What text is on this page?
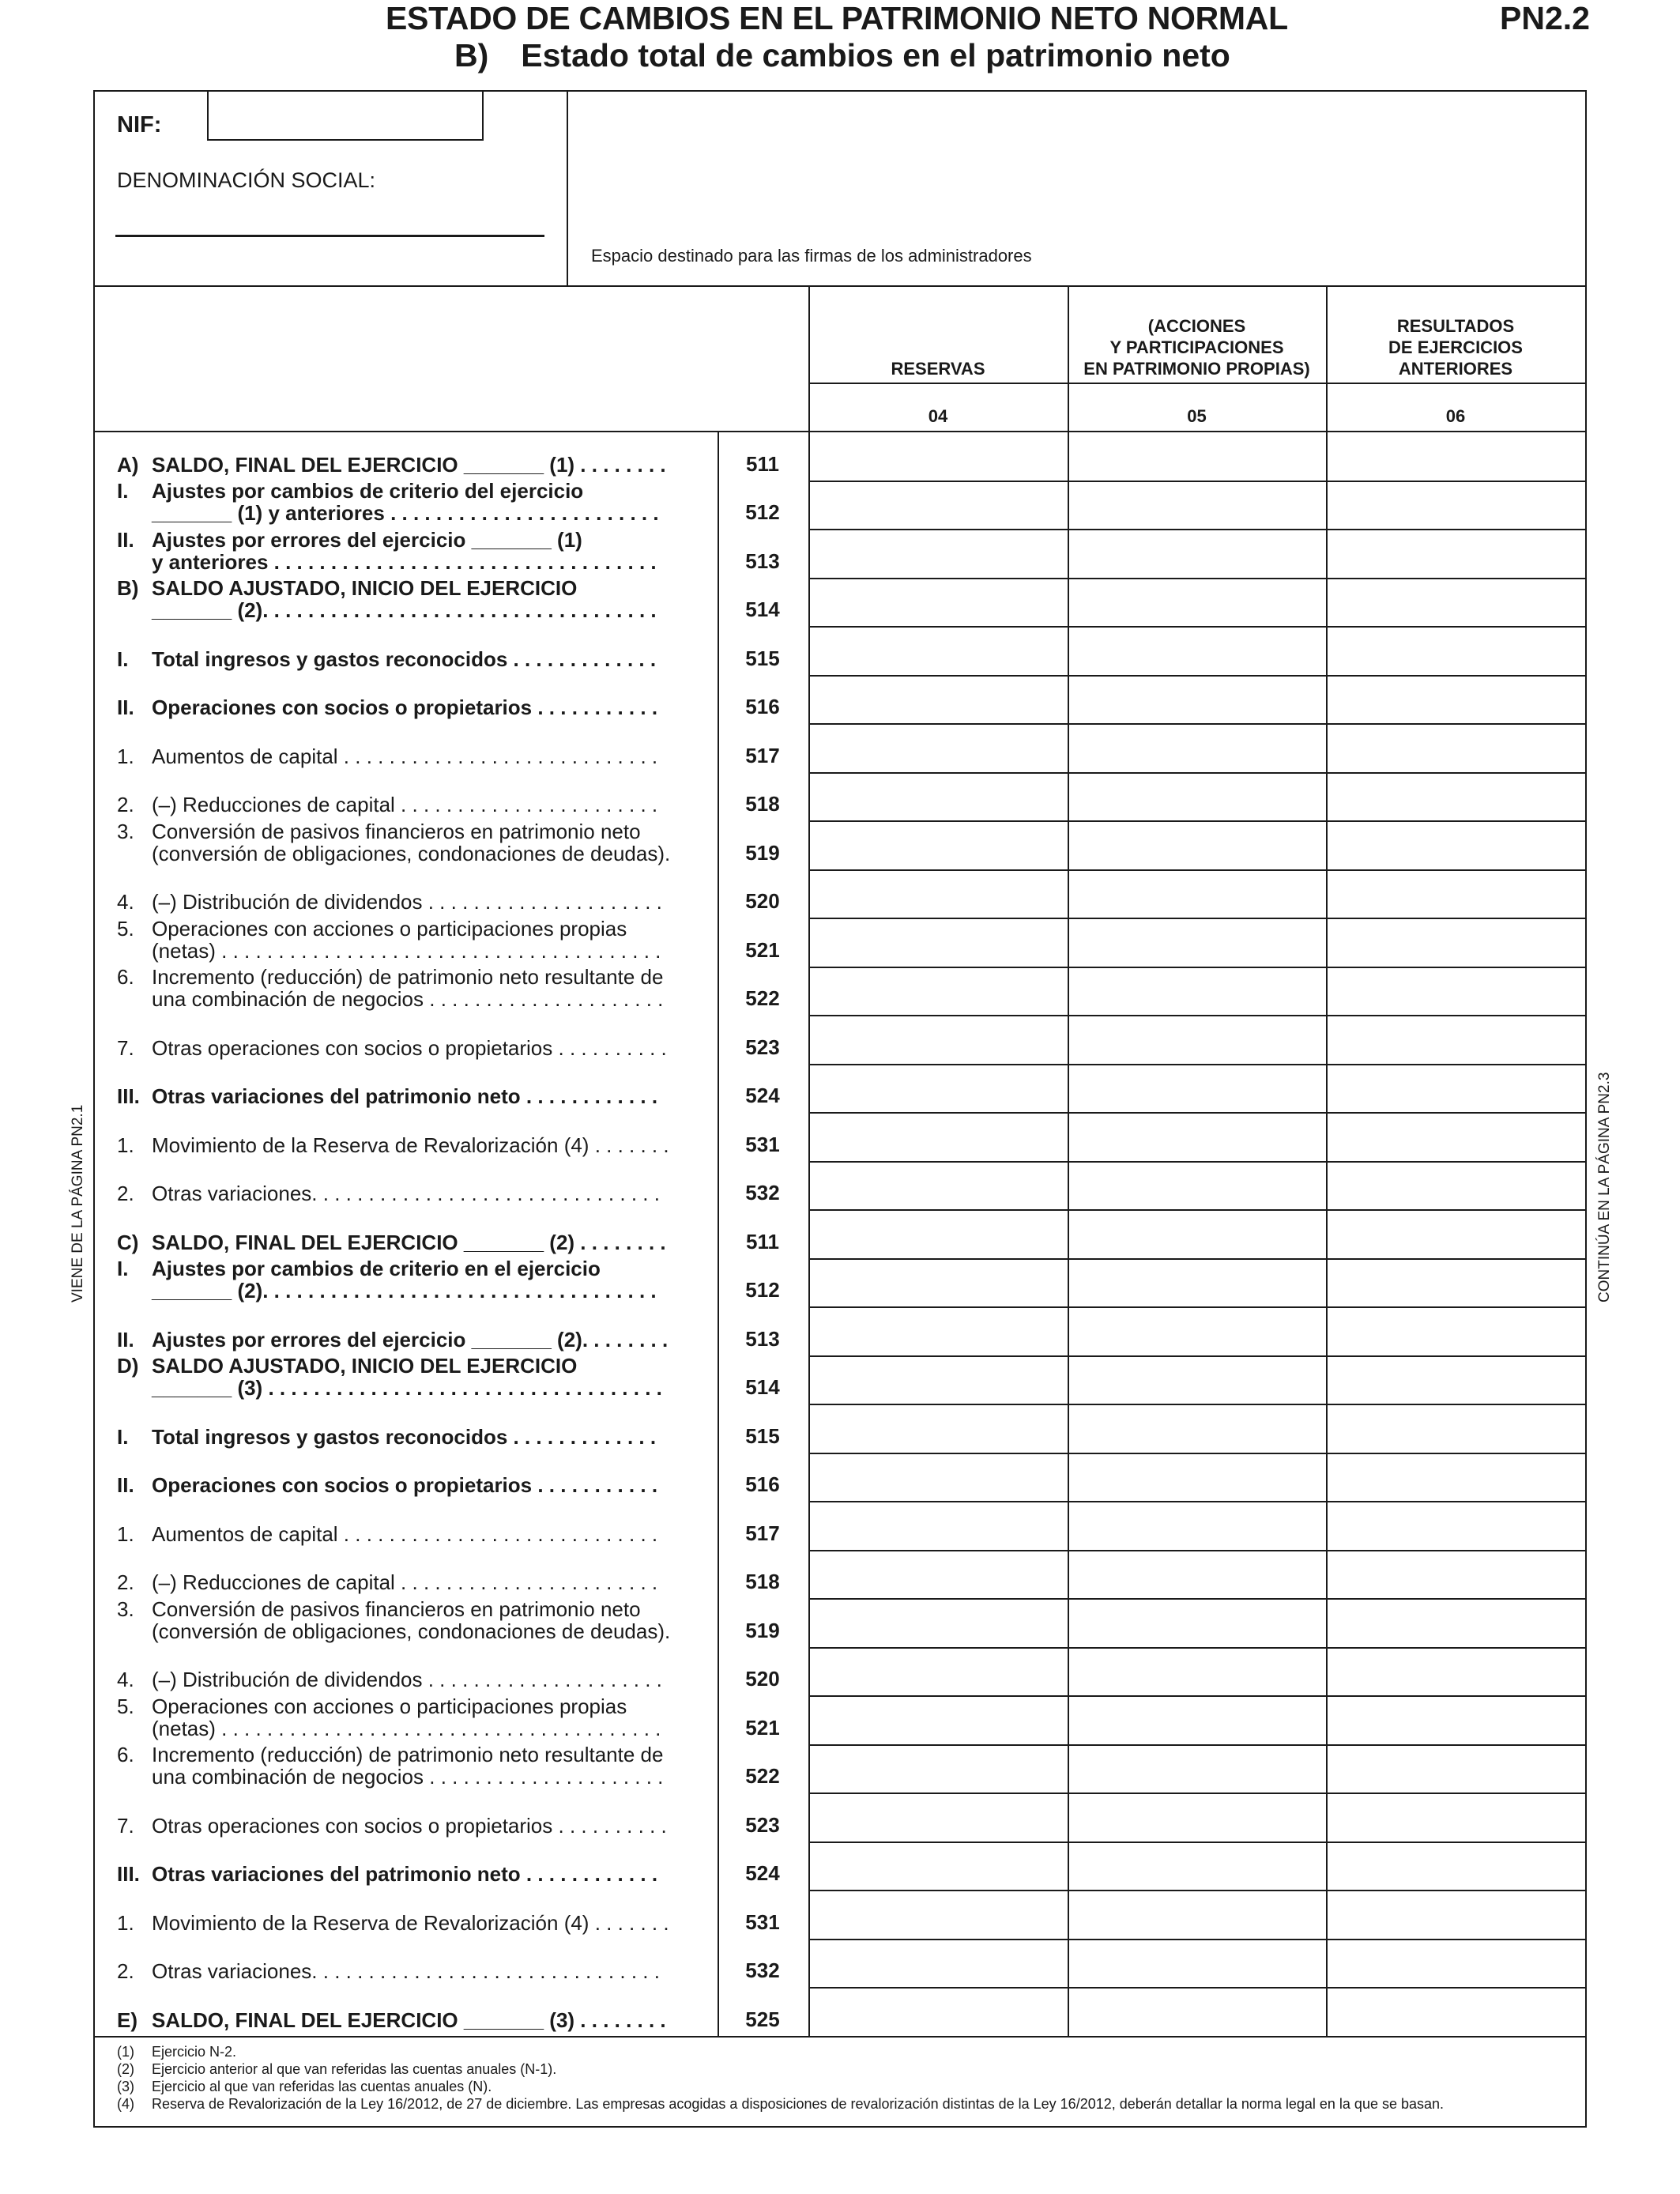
ESTADO DE CAMBIOS EN EL PATRIMONIO NETO NORMAL
B) Estado total de cambios en el patrimonio neto
PN2.2
NIF:
DENOMINACIÓN SOCIAL:
Espacio destinado para las firmas de los administradores
RESERVAS
04
(ACCIONES
Y PARTICIPACIONES
EN PATRIMONIO PROPIAS)
05
RESULTADOS
DE EJERCICIOS
ANTERIORES
06
A) SALDO, FINAL DEL EJERCICIO _______ (1) . . . . . . . .	511
I. Ajustes por cambios de criterio del ejercicio
_______ (1) y anteriores . . . . . . . . . . . . . . . . . . . . . . . .	512
II. Ajustes por errores del ejercicio _______ (1)
y anteriores . . . . . . . . . . . . . . . . . . . . . . . . . . . . . . . . . .	513
B) SALDO AJUSTADO, INICIO DEL EJERCICIO
_______ (2). . . . . . . . . . . . . . . . . . . . . . . . . . . . . . . . . . .	514
I. Total ingresos y gastos reconocidos . . . . . . . . . . . . .	515
II. Operaciones con socios o propietarios . . . . . . . . . . .	516
1. Aumentos de capital . . . . . . . . . . . . . . . . . . . . . . . . . . . .	517
2. (–) Reducciones de capital . . . . . . . . . . . . . . . . . . . . . . .	518
3. Conversión de pasivos financieros en patrimonio neto
(conversión de obligaciones, condonaciones de deudas).	519
4. (–) Distribución de dividendos . . . . . . . . . . . . . . . . . . . . .	520
5. Operaciones con acciones o participaciones propias
(netas) . . . . . . . . . . . . . . . . . . . . . . . . . . . . . . . . . . . . . . .	521
6. Incremento (reducción) de patrimonio neto resultante de
una combinación de negocios . . . . . . . . . . . . . . . . . . . . .	522
7. Otras operaciones con socios o propietarios . . . . . . . . . .	523
III. Otras variaciones del patrimonio neto . . . . . . . . . . . .	524
1. Movimiento de la Reserva de Revalorización (4) . . . . . . .	531
2. Otras variaciones. . . . . . . . . . . . . . . . . . . . . . . . . . . . . . .	532
C) SALDO, FINAL DEL EJERCICIO _______ (2) . . . . . . . .	511
I. Ajustes por cambios de criterio en el ejercicio
_______ (2). . . . . . . . . . . . . . . . . . . . . . . . . . . . . . . . . . .	512
II. Ajustes por errores del ejercicio _______ (2). . . . . . . .	513
D) SALDO AJUSTADO, INICIO DEL EJERCICIO
_______ (3) . . . . . . . . . . . . . . . . . . . . . . . . . . . . . . . . . . .	514
I. Total ingresos y gastos reconocidos . . . . . . . . . . . . .	515
II. Operaciones con socios o propietarios . . . . . . . . . . .	516
1. Aumentos de capital . . . . . . . . . . . . . . . . . . . . . . . . . . . .	517
2. (–) Reducciones de capital . . . . . . . . . . . . . . . . . . . . . . .	518
3. Conversión de pasivos financieros en patrimonio neto
(conversión de obligaciones, condonaciones de deudas).	519
4. (–) Distribución de dividendos . . . . . . . . . . . . . . . . . . . . .	520
5. Operaciones con acciones o participaciones propias
(netas) . . . . . . . . . . . . . . . . . . . . . . . . . . . . . . . . . . . . . . .	521
6. Incremento (reducción) de patrimonio neto resultante de
una combinación de negocios . . . . . . . . . . . . . . . . . . . . .	522
7. Otras operaciones con socios o propietarios . . . . . . . . . .	523
III. Otras variaciones del patrimonio neto . . . . . . . . . . . .	524
1. Movimiento de la Reserva de Revalorización (4) . . . . . . .	531
2. Otras variaciones. . . . . . . . . . . . . . . . . . . . . . . . . . . . . . .	532
E) SALDO, FINAL DEL EJERCICIO _______ (3) . . . . . . . .	525
VIENE DE LA PÁGINA PN2.1	CONTINÚA EN LA PÁGINA PN2.3
(1) Ejercicio N-2.
(2) Ejercicio anterior al que van referidas las cuentas anuales (N-1).
(3) Ejercicio al que van referidas las cuentas anuales (N).
(4) Reserva de Revalorización de la Ley 16/2012, de 27 de diciembre. Las empresas acogidas a disposiciones de revalorización distintas de la Ley 16/2012, deberán detallar la norma legal en la que se basan.
